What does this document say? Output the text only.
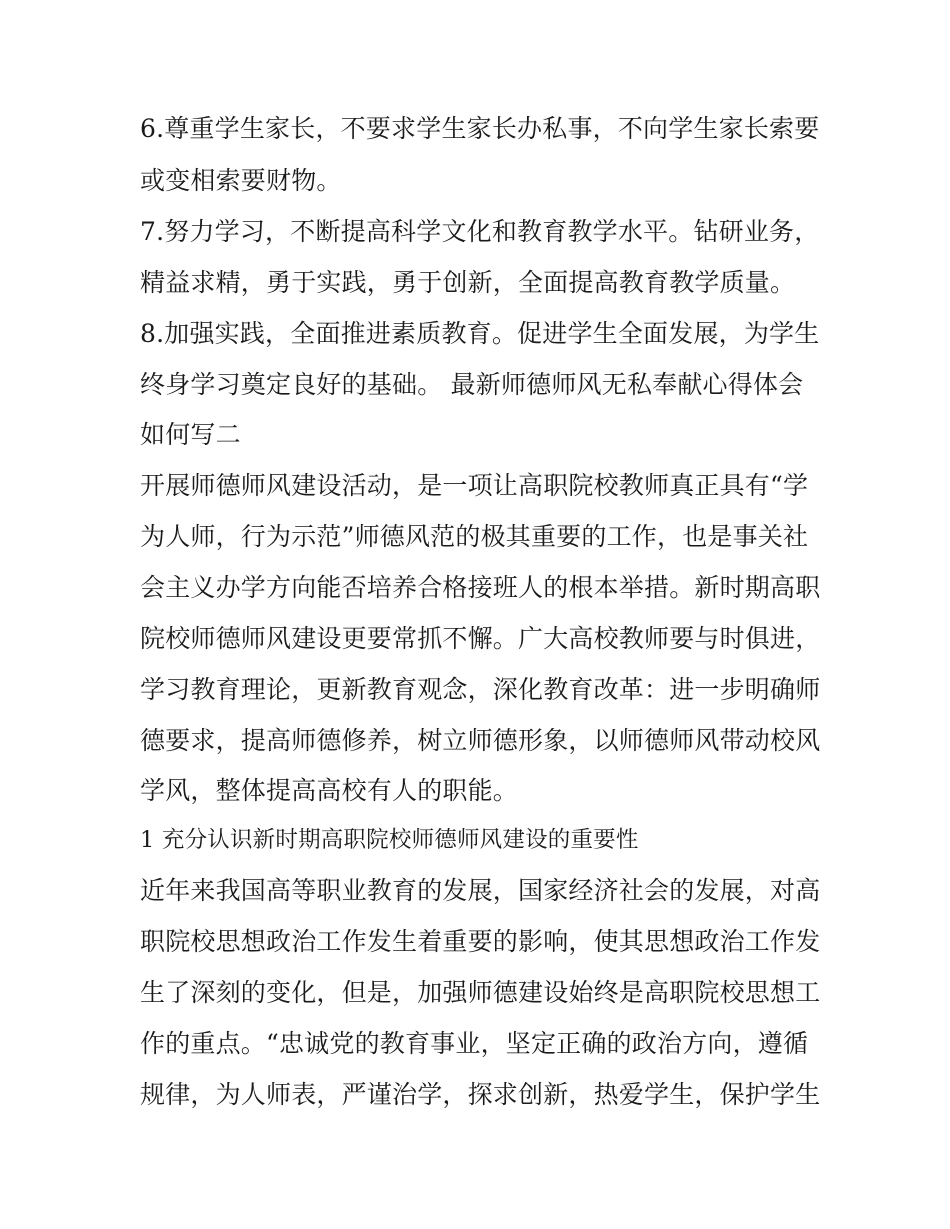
6.尊重学生家长，不要求学生家长办私事，不向学生家长索要
或变相索要财物。
7.努力学习，不断提高科学文化和教育教学水平。钻研业务，
精益求精，勇于实践，勇于创新，全面提高教育教学质量。
8.加强实践，全面推进素质教育。促进学生全面发展，为学生
终身学习奠定良好的基础。 最新师德师风无私奉献心得体会
如何写二
开展师德师风建设活动，是一项让高职院校教师真正具有“学
为人师，行为示范”师德风范的极其重要的工作，也是事关社
会主义办学方向能否培养合格接班人的根本举措。新时期高职
院校师德师风建设更要常抓不懈。广大高校教师要与时俱进，
学习教育理论，更新教育观念，深化教育改革：进一步明确师
德要求，提高师德修养，树立师德形象，以师德师风带动校风
学风，整体提高高校有人的职能。
1 充分认识新时期高职院校师德师风建设的重要性
近年来我国高等职业教育的发展，国家经济社会的发展，对高
职院校思想政治工作发生着重要的影响，使其思想政治工作发
生了深刻的变化，但是，加强师德建设始终是高职院校思想工
作的重点。“忠诚党的教育事业，坚定正确的政治方向，遵循
规律，为人师表，严谨治学，探求创新，热爱学生，保护学生
